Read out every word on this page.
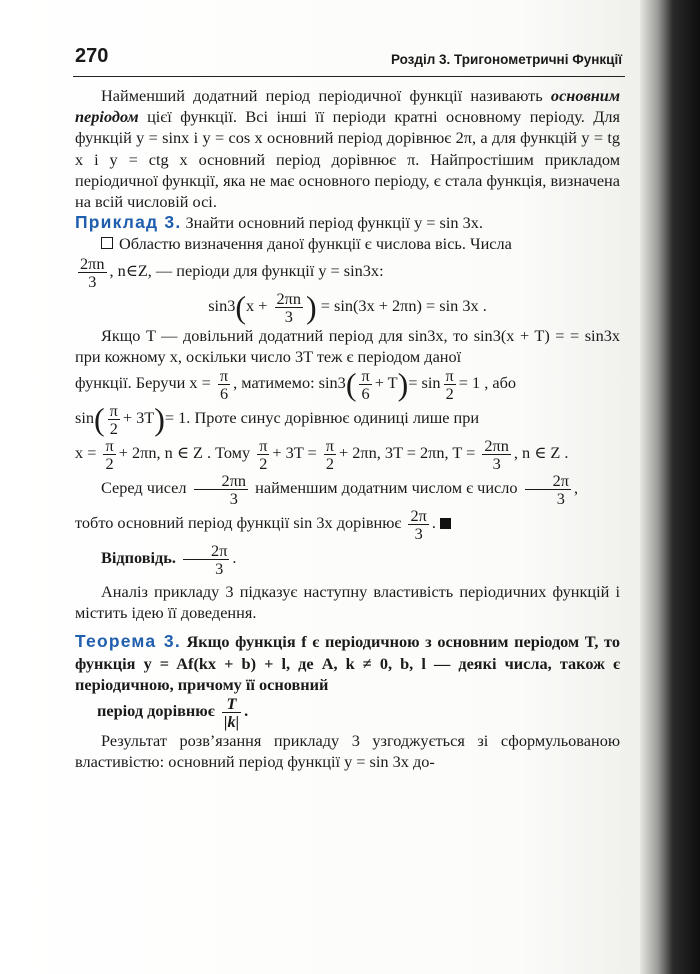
270	Розділ 3. Тригонометричні Функції

Найменший додатний період періодичної функції називають основним періодом цієї функції. Всі інші її періоди кратні основному періоду. Для функцій y = sinx і y = cos x основний період дорівнює 2π, а для функцій y = tg x і y = ctg x основний період дорівнює π. Найпростішим прикладом періодичної функції, яка не має основного періоду, є стала функція, визначена на всій числовій осі.

Приклад 3. Знайти основний період функції y = sin 3x.

Областю визначення даної функції є числова вісь. Числа

$\frac{2\pi n}{3}$ , n∈Z, — періоди для функції y = sin3x:

$\sin 3(x + \frac{2\pi n}{3}$ ) = sin(3x + 2πn) = sin 3x .

Якщо T — довільний додатний період для sin3x, то sin3(x + T) = = sin3x при кожному x, оскільки число 3T теж є періодом даної

функції. Беручи $x = \frac{\pi}{6}$ , матимемо: $\sin 3( \frac{\pi}{6} + T)= \sin \frac{\pi}{2} = 1$ , або

$\sin( \frac{\pi}{2} + 3T)= 1$. Проте синус дорівнює одиниці лише при

$x = \frac{\pi}{2} + 2\pi n$, n ∈ Z . Тому $\frac{\pi}{2} + 3T = \frac{\pi}{2} + 2\pi n$, 3T = 2πn, $T = \frac{2\pi n}{3}$ , n ∈ Z .

Серед чисел $\frac{2\pi n}{3}$ найменшим додатним числом є число $\frac{2\pi}{3}$ ,

тобто основний період функції sin 3x дорівнює $\frac{2\pi}{3}$ .

Відповідь. $\frac{2\pi}{3}$ .

Аналіз прикладу 3 підказує наступну властивість періодичних функцій і містить ідею її доведення.

Теорема 3. Якщо функція f є періодичною з основним періодом T, то функція y = Af(kx + b) + l, де A, k ≠ 0, b, l — деякі числа, також є періодичною, причому її основний

період дорівнює $\frac{T}{|k|}$ .

Результат розв’язання прикладу 3 узгоджується зі сформульованою властивістю: основний період функції y = sin 3x до-
